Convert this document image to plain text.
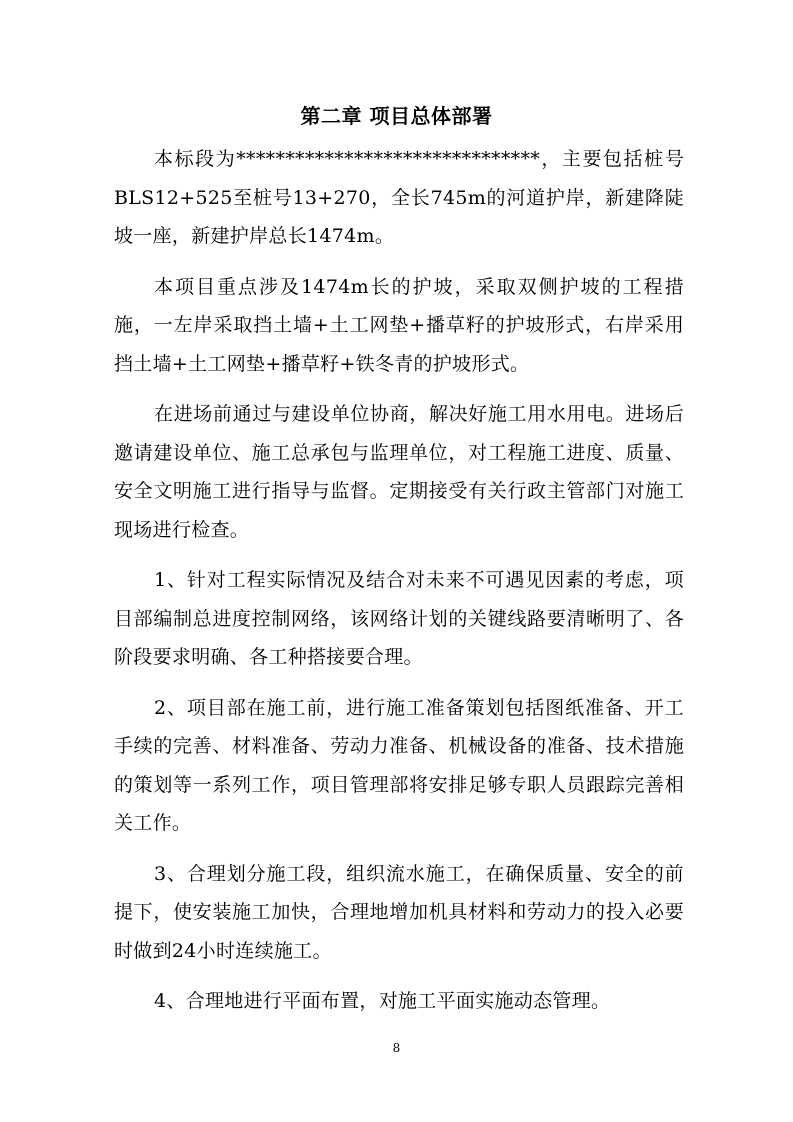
第二章 项目总体部署

本标段为*******************************，主要包括桩号BLS12+525至桩号13+270，全长745m的河道护岸，新建降陡坡一座，新建护岸总长1474m。

本项目重点涉及1474m长的护坡，采取双侧护坡的工程措施，一左岸采取挡土墙+土工网垫+播草籽的护坡形式，右岸采用挡土墙+土工网垫+播草籽+铁冬青的护坡形式。

在进场前通过与建设单位协商，解决好施工用水用电。进场后邀请建设单位、施工总承包与监理单位，对工程施工进度、质量、安全文明施工进行指导与监督。定期接受有关行政主管部门对施工现场进行检查。

1、针对工程实际情况及结合对未来不可遇见因素的考虑，项目部编制总进度控制网络，该网络计划的关键线路要清晰明了、各阶段要求明确、各工种搭接要合理。

2、项目部在施工前，进行施工准备策划包括图纸准备、开工手续的完善、材料准备、劳动力准备、机械设备的准备、技术措施的策划等一系列工作，项目管理部将安排足够专职人员跟踪完善相关工作。

3、合理划分施工段，组织流水施工，在确保质量、安全的前提下，使安装施工加快，合理地增加机具材料和劳动力的投入必要时做到24小时连续施工。

4、合理地进行平面布置，对施工平面实施动态管理。

8
